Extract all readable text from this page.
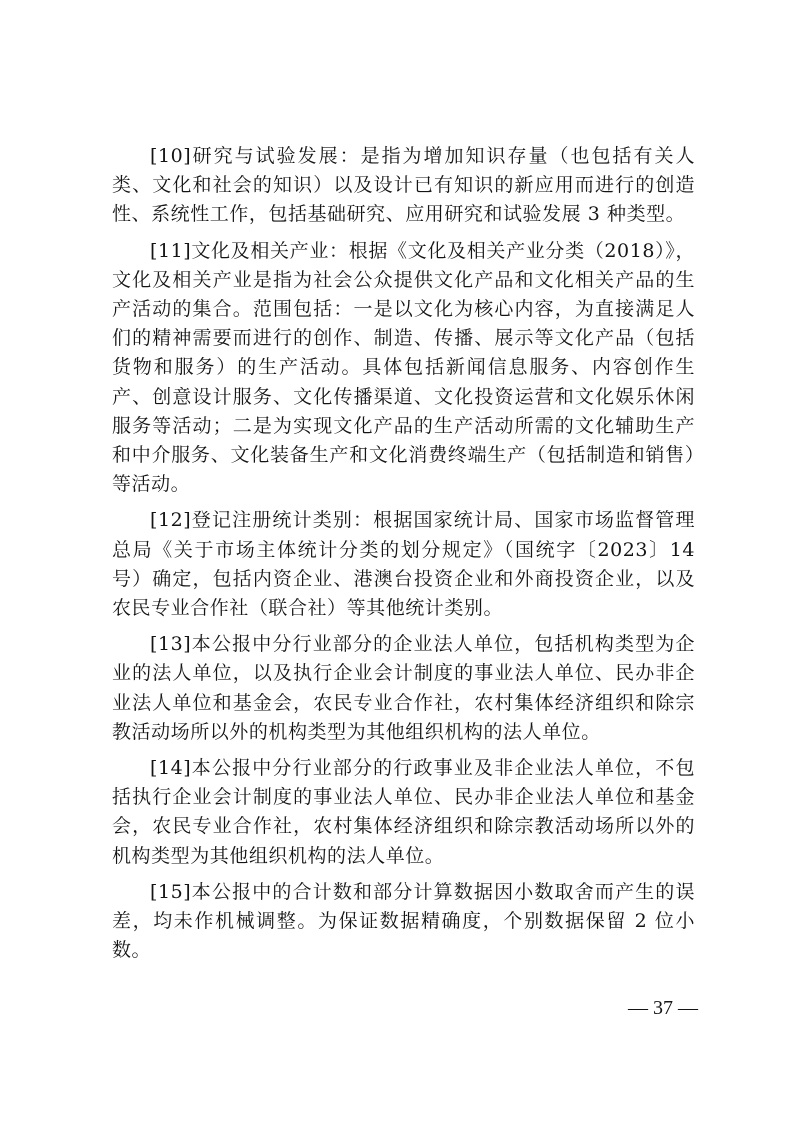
[10]研究与试验发展：是指为增加知识存量（也包括有关人类、文化和社会的知识）以及设计已有知识的新应用而进行的创造性、系统性工作，包括基础研究、应用研究和试验发展 3 种类型。

[11]文化及相关产业：根据《文化及相关产业分类（2018）》，文化及相关产业是指为社会公众提供文化产品和文化相关产品的生产活动的集合。范围包括：一是以文化为核心内容，为直接满足人们的精神需要而进行的创作、制造、传播、展示等文化产品（包括货物和服务）的生产活动。具体包括新闻信息服务、内容创作生产、创意设计服务、文化传播渠道、文化投资运营和文化娱乐休闲服务等活动；二是为实现文化产品的生产活动所需的文化辅助生产和中介服务、文化装备生产和文化消费终端生产（包括制造和销售）等活动。

[12]登记注册统计类别：根据国家统计局、国家市场监督管理总局《关于市场主体统计分类的划分规定》（国统字〔2023〕14 号）确定，包括内资企业、港澳台投资企业和外商投资企业，以及农民专业合作社（联合社）等其他统计类别。

[13]本公报中分行业部分的企业法人单位，包括机构类型为企业的法人单位，以及执行企业会计制度的事业法人单位、民办非企业法人单位和基金会，农民专业合作社，农村集体经济组织和除宗教活动场所以外的机构类型为其他组织机构的法人单位。

[14]本公报中分行业部分的行政事业及非企业法人单位，不包括执行企业会计制度的事业法人单位、民办非企业法人单位和基金会，农民专业合作社，农村集体经济组织和除宗教活动场所以外的机构类型为其他组织机构的法人单位。

[15]本公报中的合计数和部分计算数据因小数取舍而产生的误差，均未作机械调整。为保证数据精确度，个别数据保留 2 位小数。

— 37 —
